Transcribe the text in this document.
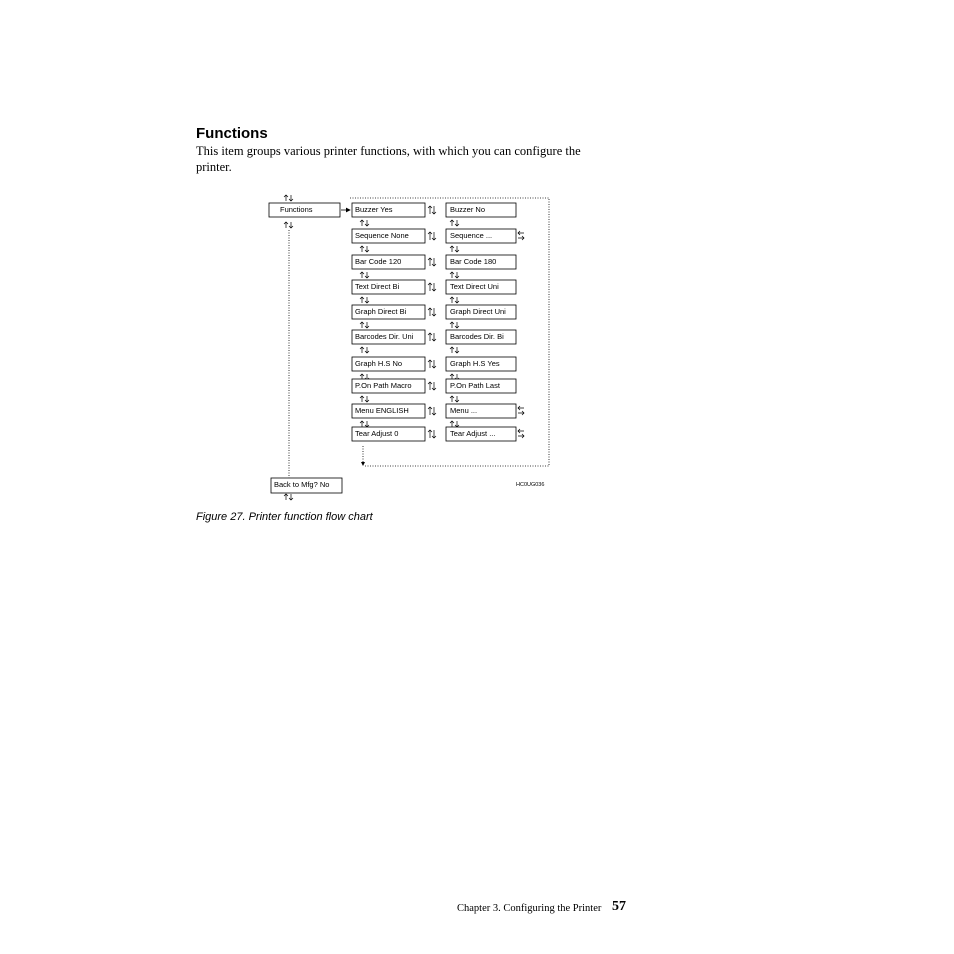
Functions

This item groups various printer functions, with which you can configure the printer.

Functions	Buzzer Yes	Buzzer No
Sequence None	Sequence ...
Bar Code 120	Bar Code 180
Text Direct Bi	Text Direct Uni
Graph Direct Bi	Graph Direct Uni
Barcodes Dir. Uni	Barcodes Dir. Bi
Graph H.S No	Graph H.S Yes
P.On Path Macro	P.On Path Last
Menu ENGLISH	Menu ...
Tear Adjust 0	Tear Adjust ...
Back to Mfg? No	HC0UG036

Figure 27. Printer function flow chart

Chapter 3. Configuring the Printer 57
